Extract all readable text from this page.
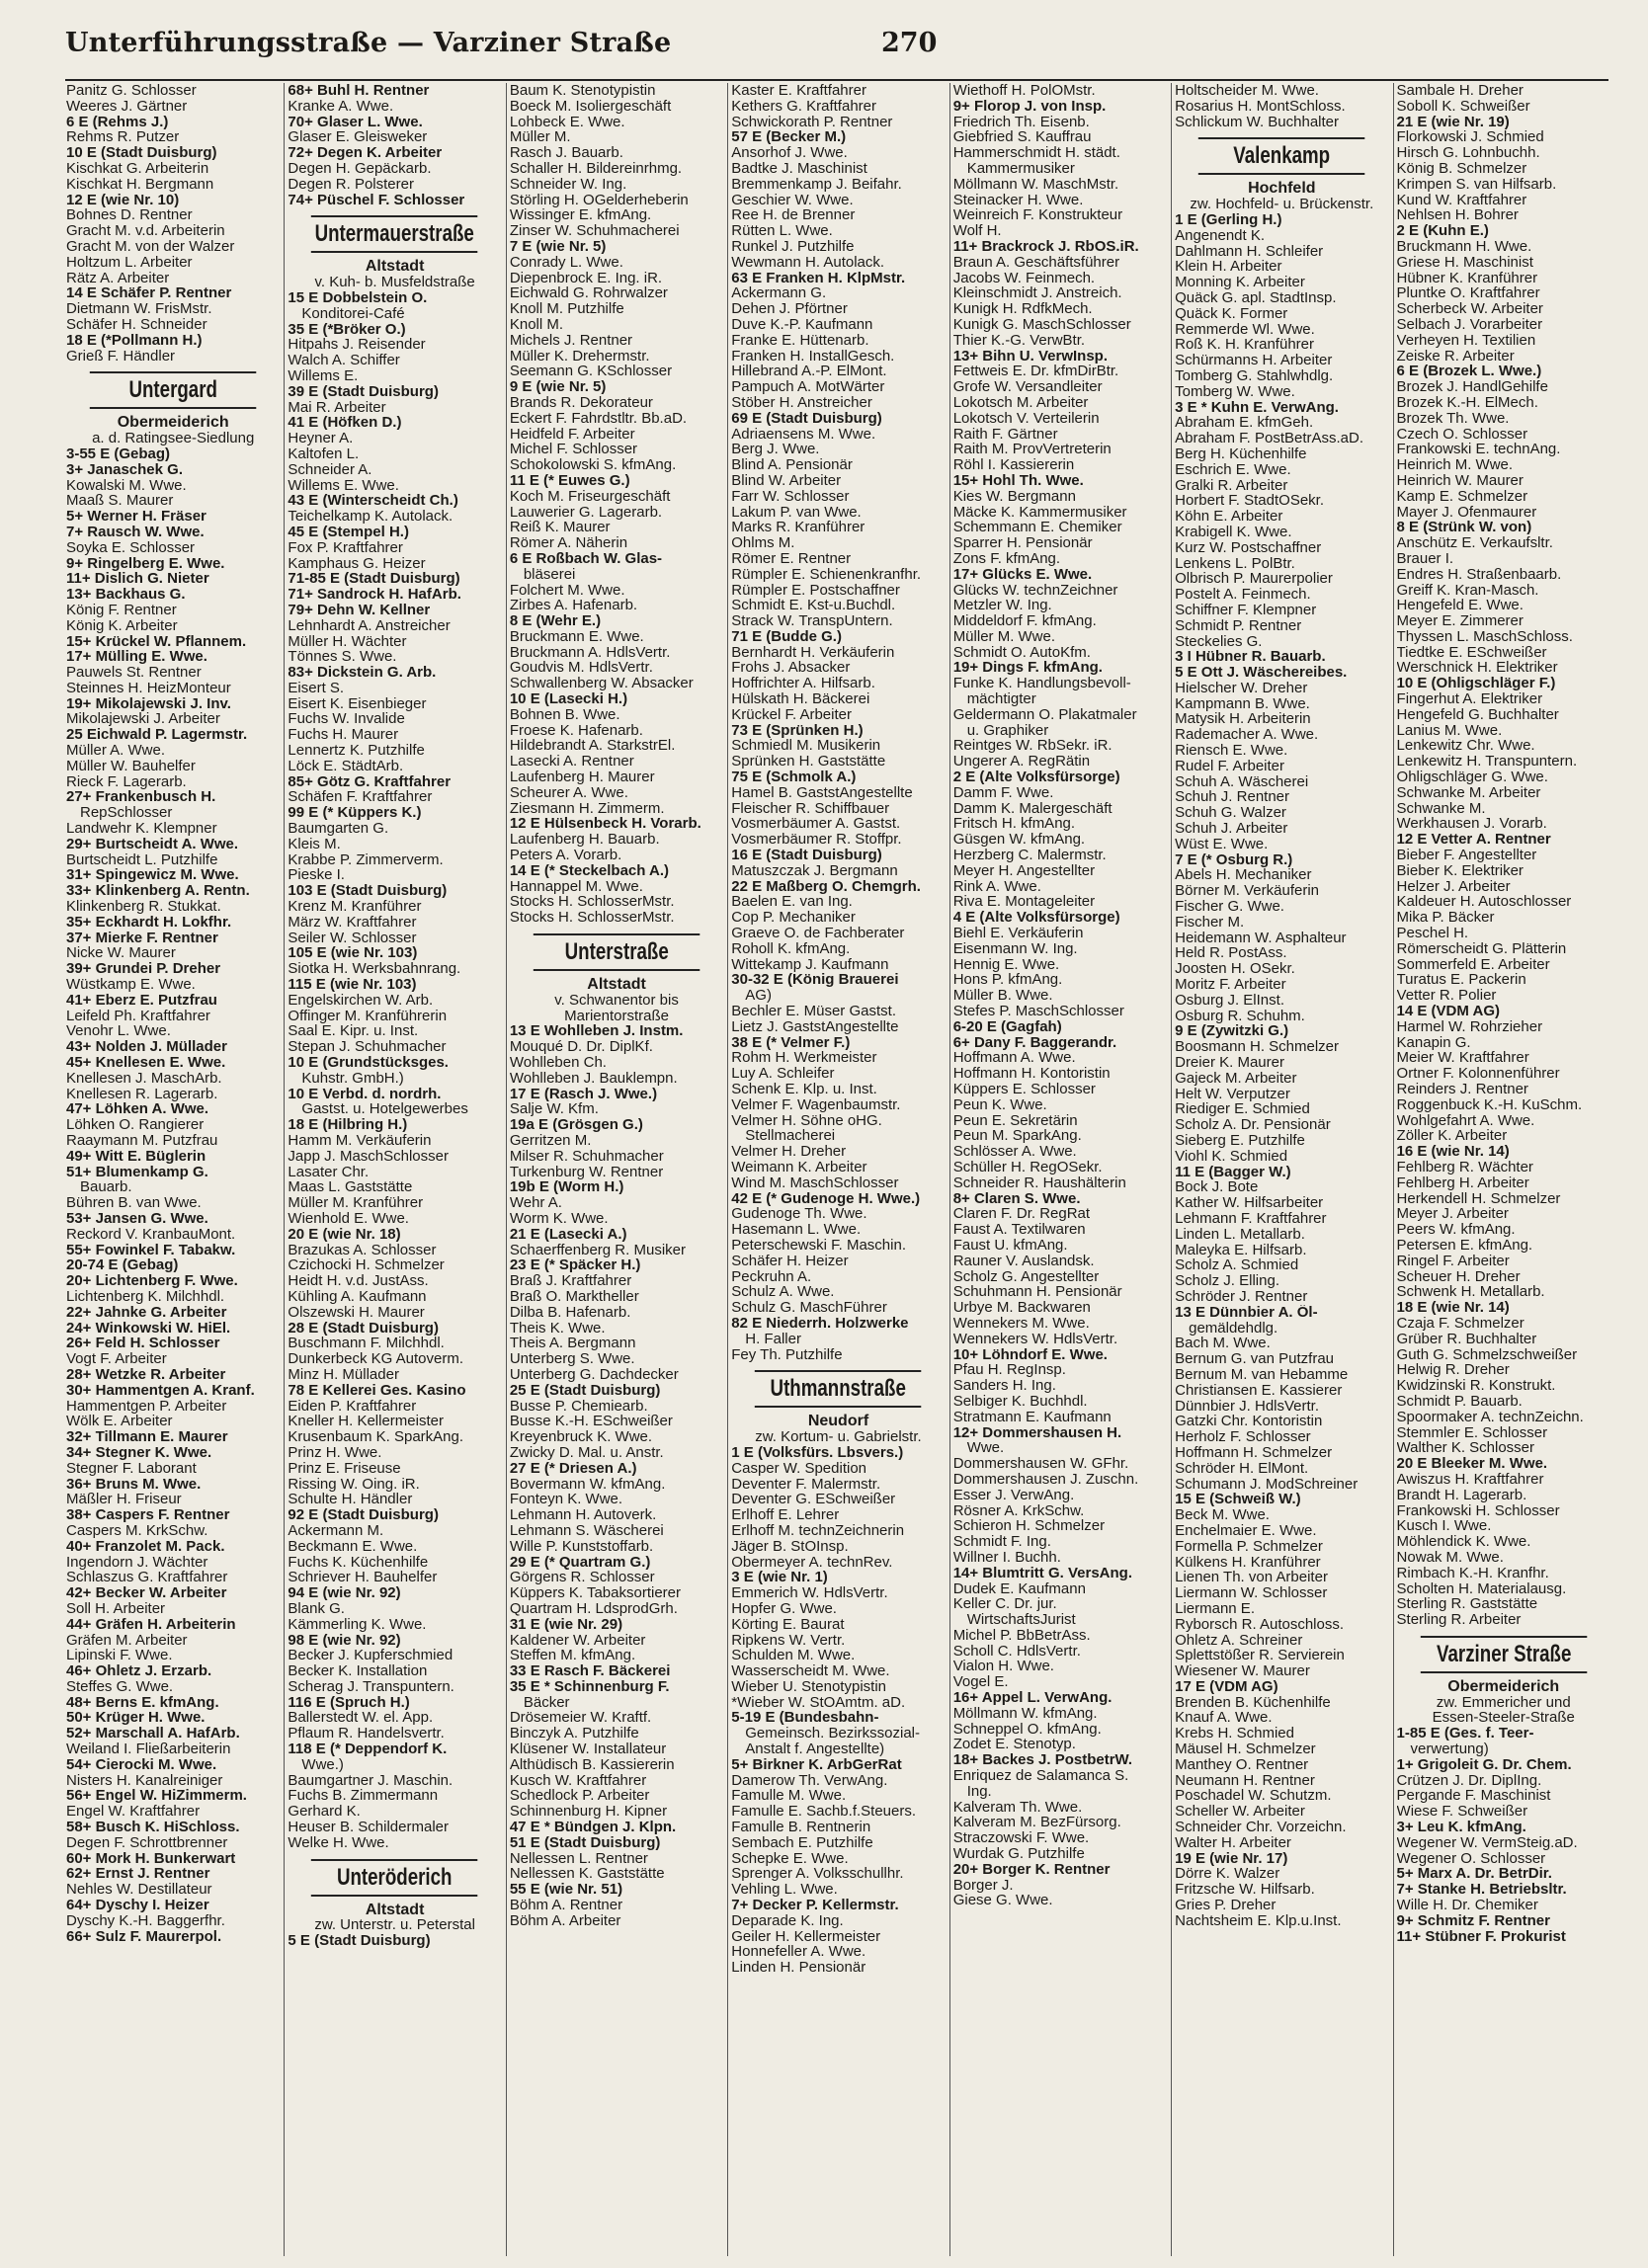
Unterführungsstraße — Varziner Straße	270
Panitz G. Schlosser
Weeres J. Gärtner
6 E (Rehms J.)
Rehms R. Putzer
10 E (Stadt Duisburg)
Kischkat G. Arbeiterin
Kischkat H. Bergmann
12 E (wie Nr. 10)
Bohnes D. Rentner
Gracht M. v.d. Arbeiterin
Gracht M. von der Walzer
Holtzum L. Arbeiter
Rätz A. Arbeiter
14 E Schäfer P. Rentner
Dietmann W. FrisMstr.
Schäfer H. Schneider
18 E (*Pollmann H.)
Grieß F. Händler
Untergard
Obermeiderich
a. d. Ratingsee-Siedlung
3-55 E (Gebag)
3+ Janaschek G.
Kowalski M. Wwe.
Maaß S. Maurer
5+ Werner H. Fräser
7+ Rausch W. Wwe.
Soyka E. Schlosser
9+ Ringelberg E. Wwe.
11+ Dislich G. Nieter
13+ Backhaus G.
König F. Rentner
König K. Arbeiter
15+ Krückel W. Pflannem.
17+ Mülling E. Wwe.
Pauwels St. Rentner
Steinnes H. HeizMonteur
19+ Mikolajewski J. Inv.
Mikolajewski J. Arbeiter
25 Eichwald P. Lagermstr.
Müller A. Wwe.
Müller W. Bauhelfer
Rieck F. Lagerarb.
27+ Frankenbusch H.
RepSchlosser
Landwehr K. Klempner
29+ Burtscheidt A. Wwe.
Burtscheidt L. Putzhilfe
31+ Spingewicz M. Wwe.
33+ Klinkenberg A. Rentn.
Klinkenberg R. Stukkat.
35+ Eckhardt H. Lokfhr.
37+ Mierke F. Rentner
Nicke W. Maurer
39+ Grundei P. Dreher
Wüstkamp E. Wwe.
41+ Eberz E. Putzfrau
Leifeld Ph. Kraftfahrer
Venohr L. Wwe.
43+ Nolden J. Müllader
45+ Knellesen E. Wwe.
Knellesen J. MaschArb.
Knellesen R. Lagerarb.
47+ Löhken A. Wwe.
Löhken O. Rangierer
Raaymann M. Putzfrau
49+ Witt E. Büglerin
51+ Blumenkamp G.
Bauarb.
Bühren B. van Wwe.
53+ Jansen G. Wwe.
Reckord V. KranbauMont.
55+ Fowinkel F. Tabakw.
20-74 E (Gebag)
20+ Lichtenberg F. Wwe.
Lichtenberg K. Milchhdl.
22+ Jahnke G. Arbeiter
24+ Winkowski W. HiEl.
26+ Feld H. Schlosser
Vogt F. Arbeiter
28+ Wetzke R. Arbeiter
30+ Hammentgen A. Kranf.
Hammentgen P. Arbeiter
Wölk E. Arbeiter
32+ Tillmann E. Maurer
34+ Stegner K. Wwe.
Stegner F. Laborant
36+ Bruns M. Wwe.
Mäßler H. Friseur
38+ Caspers F. Rentner
Caspers M. KrkSchw.
40+ Franzolet M. Pack.
Ingendorn J. Wächter
Schlaszus G. Kraftfahrer
42+ Becker W. Arbeiter
Soll H. Arbeiter
44+ Gräfen H. Arbeiterin
Gräfen M. Arbeiter
Lipinski F. Wwe.
46+ Ohletz J. Erzarb.
Steffes G. Wwe.
48+ Berns E. kfmAng.
50+ Krüger H. Wwe.
52+ Marschall A. HafArb.
Weiland I. Fließarbeiterin
54+ Cierocki M. Wwe.
Nisters H. Kanalreiniger
56+ Engel W. HiZimmerm.
Engel W. Kraftfahrer
58+ Busch K. HiSchloss.
Degen F. Schrottbrenner
60+ Mork H. Bunkerwart
62+ Ernst J. Rentner
Nehles W. Destillateur
64+ Dyschy I. Heizer
Dyschy K.-H. Baggerfhr.
66+ Sulz F. Maurerpol.
68+ Buhl H. Rentner
Kranke A. Wwe.
70+ Glaser L. Wwe.
Glaser E. Gleisweker
72+ Degen K. Arbeiter
Degen H. Gepäckarb.
Degen R. Polsterer
74+ Püschel F. Schlosser
Untermauerstraße
Altstadt
v. Kuh- b. Musfeldstraße
15 E Dobbelstein O.
Konditorei-Café
35 E (*Bröker O.)
Hitpahs J. Reisender
Walch A. Schiffer
Willems E.
39 E (Stadt Duisburg)
Mai R. Arbeiter
41 E (Höfken D.)
Heyner A.
Kaltofen L.
Schneider A.
Willems E. Wwe.
43 E (Winterscheidt Ch.)
Teichelkamp K. Autolack.
45 E (Stempel H.)
Fox P. Kraftfahrer
Kamphaus G. Heizer
71-85 E (Stadt Duisburg)
71+ Sandrock H. HafArb.
79+ Dehn W. Kellner
Lehnhardt A. Anstreicher
Müller H. Wächter
Tönnes S. Wwe.
83+ Dickstein G. Arb.
Eisert S.
Eisert K. Eisenbieger
Fuchs W. Invalide
Fuchs H. Maurer
Lennertz K. Putzhilfe
Löck E. StädtArb.
85+ Götz G. Kraftfahrer
Schäfen F. Kraftfahrer
99 E (* Küppers K.)
Baumgarten G.
Kleis M.
Krabbe P. Zimmerverm.
Pieske I.
103 E (Stadt Duisburg)
Krenz M. Kranführer
März W. Kraftfahrer
Seiler W. Schlosser
105 E (wie Nr. 103)
Siotka H. Werksbahnrang.
115 E (wie Nr. 103)
Engelskirchen W. Arb.
Offinger M. Kranführerin
Saal E. Kipr. u. Inst.
Stepan J. Schuhmacher
10 E (Grundstücksges.
Kuhstr. GmbH.)
10 E Verbd. d. nordrh.
Gastst. u. Hotelgewerbes
18 E (Hilbring H.)
Hamm M. Verkäuferin
Japp J. MaschSchlosser
Lasater Chr.
Maas L. Gaststätte
Müller M. Kranführer
Wienhold E. Wwe.
20 E (wie Nr. 18)
Brazukas A. Schlosser
Czichocki H. Schmelzer
Heidt H. v.d. JustAss.
Kühling A. Kaufmann
Olszewski H. Maurer
28 E (Stadt Duisburg)
Buschmann F. Milchhdl.
Dunkerbeck KG Autoverm.
Minz H. Müllader
78 E Kellerei Ges. Kasino
Eiden P. Kraftfahrer
Kneller H. Kellermeister
Krusenbaum K. SparkAng.
Prinz H. Wwe.
Prinz E. Friseuse
Rissing W. Oing. iR.
Schulte H. Händler
92 E (Stadt Duisburg)
Ackermann M.
Beckmann E. Wwe.
Fuchs K. Küchenhilfe
Schriever H. Bauhelfer
94 E (wie Nr. 92)
Blank G.
Kämmerling K. Wwe.
98 E (wie Nr. 92)
Becker J. Kupferschmied
Becker K. Installation
Scherag J. Transpuntern.
116 E (Spruch H.)
Ballerstedt W. el. App.
Pflaum R. Handelsvertr.
118 E (* Deppendorf K.
Wwe.)
Baumgartner J. Maschin.
Fuchs B. Zimmermann
Gerhard K.
Heuser B. Schildermaler
Welke H. Wwe.
Unteröderich
Altstadt
zw. Unterstr. u. Peterstal
5 E (Stadt Duisburg)
Baum K. Stenotypistin
Boeck M. Isoliergeschäft
Lohbeck E. Wwe.
Müller M.
Rasch J. Bauarb.
Schaller H. Bildereinrhmg.
Schneider W. Ing.
Störling H. OGelderheberin
Wissinger E. kfmAng.
Zinser W. Schuhmacherei
7 E (wie Nr. 5)
Conrady L. Wwe.
Diepenbrock E. Ing. iR.
Eichwald G. Rohrwalzer
Knoll M. Putzhilfe
Knoll M.
Michels J. Rentner
Müller K. Drehermstr.
Seemann G. KSchlosser
9 E (wie Nr. 5)
Brands R. Dekorateur
Eckert F. Fahrdstltr. Bb.aD.
Heidfeld F. Arbeiter
Michel F. Schlosser
Schokolowski S. kfmAng.
11 E (* Euwes G.)
Koch M. Friseurgeschäft
Lauwerier G. Lagerarb.
Reiß K. Maurer
Römer A. Näherin
6 E Roßbach W. Glas-
bläserei
Folchert M. Wwe.
Zirbes A. Hafenarb.
8 E (Wehr E.)
Bruckmann E. Wwe.
Bruckmann A. HdlsVertr.
Goudvis M. HdlsVertr.
Schwallenberg W. Absacker
10 E (Lasecki H.)
Bohnen B. Wwe.
Froese K. Hafenarb.
Hildebrandt A. StarkstrEl.
Lasecki A. Rentner
Laufenberg H. Maurer
Scheurer A. Wwe.
Ziesmann H. Zimmerm.
12 E Hülsenbeck H. Vorarb.
Laufenberg H. Bauarb.
Peters A. Vorarb.
14 E (* Steckelbach A.)
Hannappel M. Wwe.
Stocks H. SchlosserMstr.
Stocks H. SchlosserMstr.
Unterstraße
Altstadt
v. Schwanentor bis
Marientorstraße
13 E Wohlleben J. Instm.
Mouqué D. Dr. DiplKf.
Wohlleben Ch.
Wohlleben J. Bauklempn.
17 E (Rasch J. Wwe.)
Salje W. Kfm.
19a E (Grösgen G.)
Gerritzen M.
Milser R. Schuhmacher
Turkenburg W. Rentner
19b E (Worm H.)
Wehr A.
Worm K. Wwe.
21 E (Lasecki A.)
Schaerffenberg R. Musiker
23 E (* Späcker H.)
Braß J. Kraftfahrer
Braß O. Marktheller
Dilba B. Hafenarb.
Theis K. Wwe.
Theis A. Bergmann
Unterberg S. Wwe.
Unterberg G. Dachdecker
25 E (Stadt Duisburg)
Busse P. Chemiearb.
Busse K.-H. ESchweißer
Kreyenbruck K. Wwe.
Zwicky D. Mal. u. Anstr.
27 E (* Driesen A.)
Bovermann W. kfmAng.
Fonteyn K. Wwe.
Lehmann H. Autoverk.
Lehmann S. Wäscherei
Wille P. Kunststoffarb.
29 E (* Quartram G.)
Görgens R. Schlosser
Küppers K. Tabaksortierer
Quartram H. LdsprodGrh.
31 E (wie Nr. 29)
Kaldener W. Arbeiter
Steffen M. kfmAng.
33 E Rasch F. Bäckerei
35 E * Schinnenburg F.
Bäcker
Drösemeier W. Kraftf.
Binczyk A. Putzhilfe
Klüsener W. Installateur
Althüdisch B. Kassiererin
Kusch W. Kraftfahrer
Schedlock P. Arbeiter
Schinnenburg H. Kipner
47 E * Bündgen J. Klpn.
51 E (Stadt Duisburg)
Nellessen L. Rentner
Nellessen K. Gaststätte
55 E (wie Nr. 51)
Böhm A. Rentner
Böhm A. Arbeiter
Kaster E. Kraftfahrer
Kethers G. Kraftfahrer
Schwickorath P. Rentner
57 E (Becker M.)
Ansorhof J. Wwe.
Badtke J. Maschinist
Bremmenkamp J. Beifahr.
Geschier W. Wwe.
Ree H. de Brenner
Rütten L. Wwe.
Runkel J. Putzhilfe
Wewmann H. Autolack.
63 E Franken H. KlpMstr.
Ackermann G.
Dehen J. Pförtner
Duve K.-P. Kaufmann
Franke E. Hüttenarb.
Franken H. InstallGesch.
Hillebrand A.-P. ElMont.
Pampuch A. MotWärter
Stöber H. Anstreicher
69 E (Stadt Duisburg)
Adriaensens M. Wwe.
Berg J. Wwe.
Blind A. Pensionär
Blind W. Arbeiter
Farr W. Schlosser
Lakum P. van Wwe.
Marks R. Kranführer
Ohlms M.
Römer E. Rentner
Rümpler E. Schienenkranfhr.
Rümpler E. Postschaffner
Schmidt E. Kst-u.Buchdl.
Strack W. TranspUntern.
71 E (Budde G.)
Bernhardt H. Verkäuferin
Frohs J. Absacker
Hoffrichter A. Hilfsarb.
Hülskath H. Bäckerei
Krückel F. Arbeiter
73 E (Sprünken H.)
Schmiedl M. Musikerin
Sprünken H. Gaststätte
75 E (Schmolk A.)
Hamel B. GaststAngestellte
Fleischer R. Schiffbauer
Vosmerbäumer A. Gastst.
Vosmerbäumer R. Stoffpr.
16 E (Stadt Duisburg)
Matuszczak J. Bergmann
22 E Maßberg O. Chemgrh.
Baelen E. van Ing.
Cop P. Mechaniker
Graeve O. de Fachberater
Roholl K. kfmAng.
Wittekamp J. Kaufmann
30-32 E (König Brauerei
AG)
Bechler E. Müser Gastst.
Lietz J. GaststAngestellte
38 E (* Velmer F.)
Rohm H. Werkmeister
Luy A. Schleifer
Schenk E. Klp. u. Inst.
Velmer F. Wagenbaumstr.
Velmer H. Söhne oHG.
Stellmacherei
Velmer H. Dreher
Weimann K. Arbeiter
Wind M. MaschSchlosser
42 E (* Gudenoge H. Wwe.)
Gudenoge Th. Wwe.
Hasemann L. Wwe.
Peterschewski F. Maschin.
Schäfer H. Heizer
Peckruhn A.
Schulz A. Wwe.
Schulz G. MaschFührer
82 E Niederrh. Holzwerke
H. Faller
Fey Th. Putzhilfe
Uthmannstraße
Neudorf
zw. Kortum- u. Gabrielstr.
1 E (Volksfürs. Lbsvers.)
Casper W. Spedition
Deventer F. Malermstr.
Deventer G. ESchweißer
Erlhoff E. Lehrer
Erlhoff M. technZeichnerin
Jäger B. StOInsp.
Obermeyer A. technRev.
3 E (wie Nr. 1)
Emmerich W. HdlsVertr.
Hopfer G. Wwe.
Körting E. Baurat
Ripkens W. Vertr.
Schulden M. Wwe.
Wasserscheidt M. Wwe.
Wieber U. Stenotypistin
*Wieber W. StOAmtm. aD.
5-19 E (Bundesbahn-
Gemeinsch. Bezirkssozial-
Anstalt f. Angestellte)
5+ Birkner K. ArbGerRat
Damerow Th. VerwAng.
Famulle M. Wwe.
Famulle E. Sachb.f.Steuers.
Famulle B. Rentnerin
Sembach E. Putzhilfe
Schepke E. Wwe.
Sprenger A. Volksschullhr.
Vehling L. Wwe.
7+ Decker P. Kellermstr.
Deparade K. Ing.
Geiler H. Kellermeister
Honnefeller A. Wwe.
Linden H. Pensionär
Wiethoff H. PolOMstr.
9+ Florop J. von Insp.
Friedrich Th. Eisenb.
Giebfried S. Kauffrau
Hammerschmidt H. städt.
Kammermusiker
Möllmann W. MaschMstr.
Steinacker H. Wwe.
Weinreich F. Konstrukteur
Wolf H.
11+ Brackrock J. RbOS.iR.
Braun A. Geschäftsführer
Jacobs W. Feinmech.
Kleinschmidt J. Anstreich.
Kunigk H. RdfkMech.
Kunigk G. MaschSchlosser
Thier K.-G. VerwBtr.
13+ Bihn U. VerwInsp.
Fettweis E. Dr. kfmDirBtr.
Grofe W. Versandleiter
Lokotsch M. Arbeiter
Lokotsch V. Verteilerin
Raith F. Gärtner
Raith M. ProvVertreterin
Röhl I. Kassiererin
15+ Hohl Th. Wwe.
Kies W. Bergmann
Mäcke K. Kammermusiker
Schemmann E. Chemiker
Sparrer H. Pensionär
Zons F. kfmAng.
17+ Glücks E. Wwe.
Glücks W. technZeichner
Metzler W. Ing.
Middeldorf F. kfmAng.
Müller M. Wwe.
Schmidt O. AutoKfm.
19+ Dings F. kfmAng.
Funke K. Handlungsbevoll-
mächtigter
Geldermann O. Plakatmaler
u. Graphiker
Reintges W. RbSekr. iR.
Ungerer A. RegRätin
2 E (Alte Volksfürsorge)
Damm F. Wwe.
Damm K. Malergeschäft
Fritsch H. kfmAng.
Güsgen W. kfmAng.
Herzberg C. Malermstr.
Meyer H. Angestellter
Rink A. Wwe.
Riva E. Montageleiter
4 E (Alte Volksfürsorge)
Biehl E. Verkäuferin
Eisenmann W. Ing.
Hennig E. Wwe.
Hons P. kfmAng.
Müller B. Wwe.
Stefes P. MaschSchlosser
6-20 E (Gagfah)
6+ Dany F. Baggerandr.
Hoffmann A. Wwe.
Hoffmann H. Kontoristin
Küppers E. Schlosser
Peun K. Wwe.
Peun E. Sekretärin
Peun M. SparkAng.
Schlösser A. Wwe.
Schüller H. RegOSekr.
Schneider R. Haushälterin
8+ Claren S. Wwe.
Claren F. Dr. RegRat
Faust A. Textilwaren
Faust U. kfmAng.
Rauner V. Auslandsk.
Scholz G. Angestellter
Schuhmann H. Pensionär
Urbye M. Backwaren
Wennekers M. Wwe.
Wennekers W. HdlsVertr.
10+ Löhndorf E. Wwe.
Pfau H. RegInsp.
Sanders H. Ing.
Selbiger K. Buchhdl.
Stratmann E. Kaufmann
12+ Dommershausen H.
Wwe.
Dommershausen W. GFhr.
Dommershausen J. Zuschn.
Esser J. VerwAng.
Rösner A. KrkSchw.
Schieron H. Schmelzer
Schmidt F. Ing.
Willner I. Buchh.
14+ Blumtritt G. VersAng.
Dudek E. Kaufmann
Keller C. Dr. jur.
WirtschaftsJurist
Michel P. BbBetrAss.
Scholl C. HdlsVertr.
Vialon H. Wwe.
Vogel E.
16+ Appel L. VerwAng.
Möllmann W. kfmAng.
Schneppel O. kfmAng.
Zodet E. Stenotyp.
18+ Backes J. PostbetrW.
Enriquez de Salamanca S.
Ing.
Kalveram Th. Wwe.
Kalveram M. BezFürsorg.
Straczowski F. Wwe.
Wurdak G. Putzhilfe
20+ Borger K. Rentner
Borger J.
Giese G. Wwe.
Holtscheider M. Wwe.
Rosarius H. MontSchloss.
Schlickum W. Buchhalter
Valenkamp
Hochfeld
zw. Hochfeld- u. Brückenstr.
1 E (Gerling H.)
Angenendt K.
Dahlmann H. Schleifer
Klein H. Arbeiter
Monning K. Arbeiter
Quäck G. apl. StadtInsp.
Quäck K. Former
Remmerde Wl. Wwe.
Roß K. H. Kranführer
Schürmanns H. Arbeiter
Tomberg G. Stahlwhdlg.
Tomberg W. Wwe.
3 E * Kuhn E. VerwAng.
Abraham E. kfmGeh.
Abraham F. PostBetrAss.aD.
Berg H. Küchenhilfe
Eschrich E. Wwe.
Gralki R. Arbeiter
Horbert F. StadtOSekr.
Köhn E. Arbeiter
Krabigell K. Wwe.
Kurz W. Postschaffner
Lenkens L. PolBtr.
Olbrisch P. Maurerpolier
Postelt A. Feinmech.
Schiffner F. Klempner
Schmidt P. Rentner
Steckelies G.
3 I Hübner R. Bauarb.
5 E Ott J. Wäschereibes.
Hielscher W. Dreher
Kampmann B. Wwe.
Matysik H. Arbeiterin
Rademacher A. Wwe.
Riensch E. Wwe.
Rudel F. Arbeiter
Schuh A. Wäscherei
Schuh J. Rentner
Schuh G. Walzer
Schuh J. Arbeiter
Wüst E. Wwe.
7 E (* Osburg R.)
Abels H. Mechaniker
Börner M. Verkäuferin
Fischer G. Wwe.
Fischer M.
Heidemann W. Asphalteur
Held R. PostAss.
Joosten H. OSekr.
Moritz F. Arbeiter
Osburg J. ElInst.
Osburg R. Schuhm.
9 E (Zywitzki G.)
Boosmann H. Schmelzer
Dreier K. Maurer
Gajeck M. Arbeiter
Helt W. Verputzer
Riediger E. Schmied
Scholz A. Dr. Pensionär
Sieberg E. Putzhilfe
Viohl K. Schmied
11 E (Bagger W.)
Bock J. Bote
Kather W. Hilfsarbeiter
Lehmann F. Kraftfahrer
Linden L. Metallarb.
Maleyka E. Hilfsarb.
Scholz A. Schmied
Scholz J. Elling.
Schröder J. Rentner
13 E Dünnbier A. Öl-
gemäldehdlg.
Bach M. Wwe.
Bernum G. van Putzfrau
Bernum M. van Hebamme
Christiansen E. Kassierer
Dünnbier J. HdlsVertr.
Gatzki Chr. Kontoristin
Herholz F. Schlosser
Hoffmann H. Schmelzer
Schröder H. ElMont.
Schumann J. ModSchreiner
15 E (Schweiß W.)
Beck M. Wwe.
Enchelmaier E. Wwe.
Formella P. Schmelzer
Külkens H. Kranführer
Lienen Th. von Arbeiter
Liermann W. Schlosser
Liermann E.
Ryborsch R. Autoschloss.
Ohletz A. Schreiner
Splettstößer R. Servierein
Wiesener W. Maurer
17 E (VDM AG)
Brenden B. Küchenhilfe
Knauf A. Wwe.
Krebs H. Schmied
Mäusel H. Schmelzer
Manthey O. Rentner
Neumann H. Rentner
Poschadel W. Schutzm.
Scheller W. Arbeiter
Schneider Chr. Vorzeichn.
Walter H. Arbeiter
19 E (wie Nr. 17)
Dörre K. Walzer
Fritzsche W. Hilfsarb.
Gries P. Dreher
Nachtsheim E. Klp.u.Inst.
Sambale H. Dreher
Soboll K. Schweißer
21 E (wie Nr. 19)
Florkowski J. Schmied
Hirsch G. Lohnbuchh.
König B. Schmelzer
Krimpen S. van Hilfsarb.
Kund W. Kraftfahrer
Nehlsen H. Bohrer
2 E (Kuhn E.)
Bruckmann H. Wwe.
Griese H. Maschinist
Hübner K. Kranführer
Pluntke O. Kraftfahrer
Scherbeck W. Arbeiter
Selbach J. Vorarbeiter
Verheyen H. Textilien
Zeiske R. Arbeiter
6 E (Brozek L. Wwe.)
Brozek J. HandlGehilfe
Brozek K.-H. ElMech.
Brozek Th. Wwe.
Czech O. Schlosser
Frankowski E. technAng.
Heinrich M. Wwe.
Heinrich W. Maurer
Kamp E. Schmelzer
Mayer J. Ofenmaurer
8 E (Strünk W. von)
Anschütz E. Verkaufsltr.
Brauer I.
Endres H. Straßenbaarb.
Greiff K. Kran-Masch.
Hengefeld E. Wwe.
Meyer E. Zimmerer
Thyssen L. MaschSchloss.
Tiedtke E. ESchweißer
Werschnick H. Elektriker
10 E (Ohligschläger F.)
Fingerhut A. Elektriker
Hengefeld G. Buchhalter
Lanius M. Wwe.
Lenkewitz Chr. Wwe.
Lenkewitz H. Transpuntern.
Ohligschläger G. Wwe.
Schwanke M. Arbeiter
Schwanke M.
Werkhausen J. Vorarb.
12 E Vetter A. Rentner
Bieber F. Angestellter
Bieber K. Elektriker
Helzer J. Arbeiter
Kaldeuer H. Autoschlosser
Mika P. Bäcker
Peschel H.
Römerscheidt G. Plätterin
Sommerfeld E. Arbeiter
Turatus E. Packerin
Vetter R. Polier
14 E (VDM AG)
Harmel W. Rohrzieher
Kanapin G.
Meier W. Kraftfahrer
Ortner F. Kolonnenführer
Reinders J. Rentner
Roggenbuck K.-H. KuSchm.
Wohlgefahrt A. Wwe.
Zöller K. Arbeiter
16 E (wie Nr. 14)
Fehlberg R. Wächter
Fehlberg H. Arbeiter
Herkendell H. Schmelzer
Meyer J. Arbeiter
Peers W. kfmAng.
Petersen E. kfmAng.
Ringel F. Arbeiter
Scheuer H. Dreher
Schwenk H. Metallarb.
18 E (wie Nr. 14)
Czaja F. Schmelzer
Grüber R. Buchhalter
Guth G. Schmelzschweißer
Helwig R. Dreher
Kwidzinski R. Konstrukt.
Schmidt P. Bauarb.
Spoormaker A. technZeichn.
Stemmler E. Schlosser
Walther K. Schlosser
20 E Bleeker M. Wwe.
Awiszus H. Kraftfahrer
Brandt H. Lagerarb.
Frankowski H. Schlosser
Kusch I. Wwe.
Möhlendick K. Wwe.
Nowak M. Wwe.
Rimbach K.-H. Kranfhr.
Scholten H. Materialausg.
Sterling R. Gaststätte
Sterling R. Arbeiter
Varziner Straße
Obermeiderich
zw. Emmericher und
Essen-Steeler-Straße
1-85 E (Ges. f. Teer-
verwertung)
1+ Grigoleit G. Dr. Chem.
Crützen J. Dr. DiplIng.
Pergande F. Maschinist
Wiese F. Schweißer
3+ Leu K. kfmAng.
Wegener W. VermSteig.aD.
Wegener O. Schlosser
5+ Marx A. Dr. BetrDir.
7+ Stanke H. Betriebsltr.
Wille H. Dr. Chemiker
9+ Schmitz F. Rentner
11+ Stübner F. Prokurist
